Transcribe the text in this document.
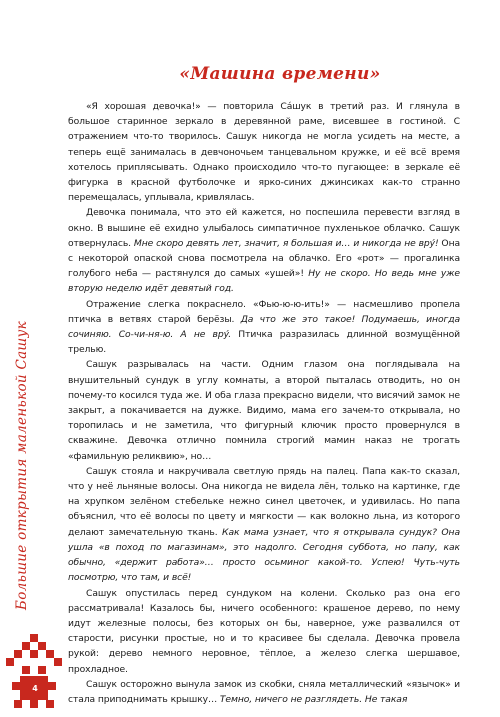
«Машина времени»

«Я хорошая девочка!» — повторила Сáшук в третий раз. И глянула в большое старинное зеркало в деревянной раме, висевшее в гостиной. С отражением что-то творилось. Сашук никогда не могла усидеть на месте, а теперь ещё занималась в девчоночьем танцевальном кружке, и её всё время хотелось приплясывать. Однако происходило что-то пугающее: в зеркале её фигурка в красной футболочке и ярко-синих джинсиках как-то странно перемещалась, уплывала, кривлялась.

Девочка понимала, что это ей кажется, но поспешила перевести взгляд в окно. В вышине её ехидно улыбалось симпатичное пухленькое облачко. Сашук отвернулась. Мне скоро девять лет, значит, я большая и… и никогда не врý! Она с некоторой опаской снова посмотрела на облачко. Его «рот» — прогалинка голубого неба — растянулся до самых «ушей»! Ну не скоро. Но ведь мне уже вторую неделю идёт девятый год.

Отражение слегка покраснело. «Фью-ю-ю-ить!» — насмешливо пропела птичка в ветвях старой берёзы. Да что же это такое! Подумаешь, иногда сочиняю. Со-чи-ня-ю. А не врý. Птичка разразилась длинной возмущённой трелью.

Сашук разрывалась на части. Одним глазом она поглядывала на внушительный сундук в углу комнаты, а второй пыталась отводить, но он почему-то косился туда же. И оба глаза прекрасно видели, что висячий замок не закрыт, а покачивается на дужке. Видимо, мама его зачем-то открывала, но торопилась и не заметила, что фигурный ключик просто провернулся в скважине. Девочка отлично помнила строгий мамин наказ не трогать «фамильную реликвию», но…

Сашук стояла и накручивала светлую прядь на палец. Папа как-то сказал, что у неё льняные волосы. Она никогда не видела лён, только на картинке, где на хрупком зелёном стебельке нежно синел цветочек, и удивилась. Но папа объяснил, что её волосы по цвету и мягкости — как волокно льна, из которого делают замечательную ткань. Как мама узнает, что я открывала сундук? Она ушла «в поход по магазинам», это надолго. Сегодня суббота, но папу, как обычно, «держит работа»… просто осьминог какой-то. Успею! Чуть-чуть посмотрю, что там, и всё!

Сашук опустилась перед сундуком на колени. Сколько раз она его рассматривала! Казалось бы, ничего особенного: крашеное дерево, по нему идут железные полосы, без которых он бы, наверное, уже развалился от старости, рисунки простые, но и то красивее бы сделала. Девочка провела рукой: дерево немного неровное, тёплое, а железо слегка шершавое, прохладное.

Сашук осторожно вынула замок из скобки, сняла металлический «язычок» и стала приподнимать крышку… Темно, ничего не разглядеть. Не такая

Большие открытия маленькой Сашук
4
